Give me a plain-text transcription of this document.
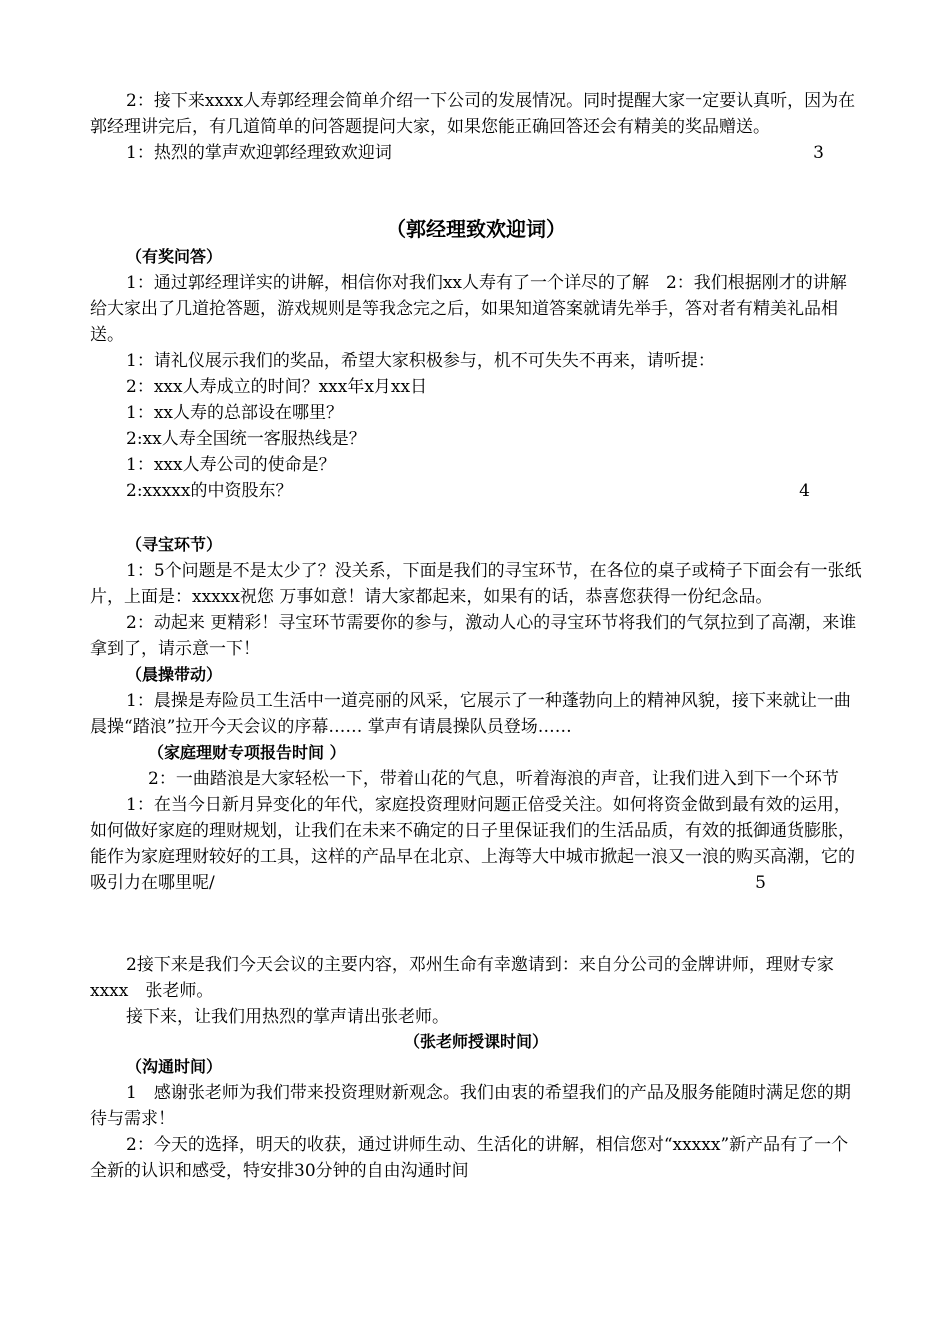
2：接下来xxxx人寿郭经理会简单介绍一下公司的发展情况。同时提醒大家一定要认真听，因为在郭经理讲完后，有几道简单的问答题提问大家，如果您能正确回答还会有精美的奖品赠送。

1：热烈的掌声欢迎郭经理致欢迎词	3

（郭经理致欢迎词）

（有奖问答）

1：通过郭经理详实的讲解，相信你对我们xx人寿有了一个详尽的了解　2：我们根据刚才的讲解给大家出了几道抢答题，游戏规则是等我念完之后，如果知道答案就请先举手，答对者有精美礼品相送。

1：请礼仪展示我们的奖品，希望大家积极参与，机不可失失不再来，请听提：

2：xxx人寿成立的时间？xxx年x月xx日

1：xx人寿的总部设在哪里？

2:xx人寿全国统一客服热线是？

1：xxx人寿公司的使命是？

2:xxxxx的中资股东？	4

（寻宝环节）

1：5个问题是不是太少了？没关系，下面是我们的寻宝环节，在各位的桌子或椅子下面会有一张纸片，上面是：xxxxx祝您 万事如意！请大家都起来，如果有的话，恭喜您获得一份纪念品。

2：动起来 更精彩！寻宝环节需要你的参与，激动人心的寻宝环节将我们的气氛拉到了高潮，来谁拿到了，请示意一下！

（晨操带动）

1：晨操是寿险员工生活中一道亮丽的风采，它展示了一种蓬勃向上的精神风貌，接下来就让一曲晨操“踏浪”拉开今天会议的序幕…… 掌声有请晨操队员登场……

（家庭理财专项报告时间 ）

2：一曲踏浪是大家轻松一下，带着山花的气息，听着海浪的声音，让我们进入到下一个环节

1：在当今日新月异变化的年代，家庭投资理财问题正倍受关注。如何将资金做到最有效的运用，如何做好家庭的理财规划，让我们在未来不确定的日子里保证我们的生活品质，有效的抵御通货膨胀，能作为家庭理财较好的工具，这样的产品早在北京、上海等大中城市掀起一浪又一浪的购买高潮，它的吸引力在哪里呢/	5

2接下来是我们今天会议的主要内容，邓州生命有幸邀请到：来自分公司的金牌讲师，理财专家xxxx　张老师。

接下来，让我们用热烈的掌声请出张老师。

（张老师授课时间）

（沟通时间）

1　感谢张老师为我们带来投资理财新观念。我们由衷的希望我们的产品及服务能随时满足您的期待与需求！

2：今天的选择，明天的收获，通过讲师生动、生活化的讲解，相信您对“xxxxx”新产品有了一个全新的认识和感受，特安排30分钟的自由沟通时间
